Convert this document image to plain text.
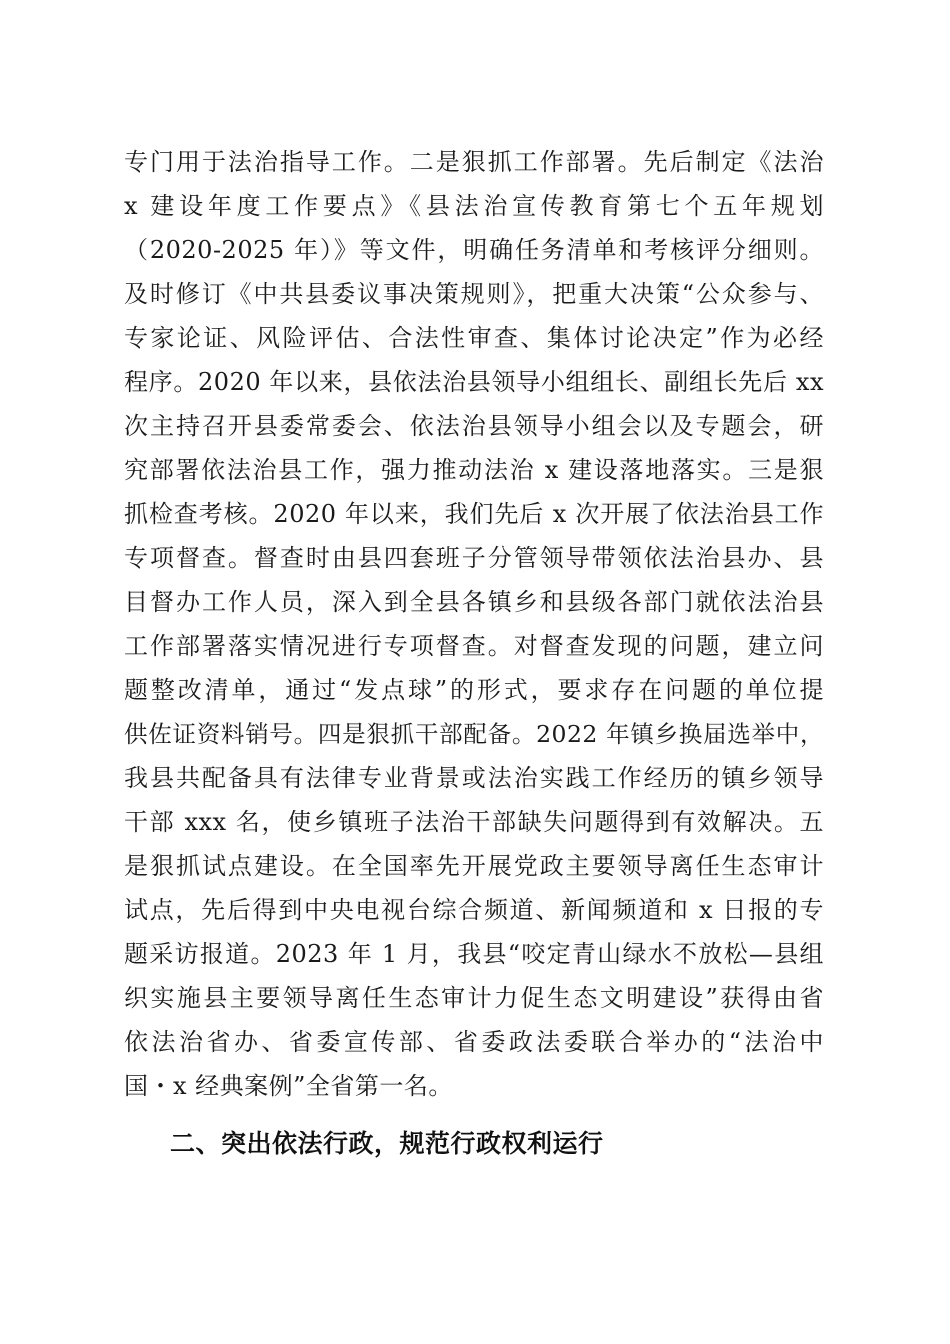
专门用于法治指导工作。二是狠抓工作部署。先后制定《法治
x 建设年度工作要点》《县法治宣传教育第七个五年规划
（2020-2025 年）》等文件，明确任务清单和考核评分细则。
及时修订《中共县委议事决策规则》，把重大决策“公众参与、
专家论证、风险评估、合法性审查、集体讨论决定”作为必经
程序。2020 年以来，县依法治县领导小组组长、副组长先后 xx
次主持召开县委常委会、依法治县领导小组会以及专题会，研
究部署依法治县工作，强力推动法治 x 建设落地落实。三是狠
抓检查考核。2020 年以来，我们先后 x 次开展了依法治县工作
专项督查。督查时由县四套班子分管领导带领依法治县办、县
目督办工作人员，深入到全县各镇乡和县级各部门就依法治县
工作部署落实情况进行专项督查。对督查发现的问题，建立问
题整改清单，通过“发点球”的形式，要求存在问题的单位提
供佐证资料销号。四是狠抓干部配备。2022 年镇乡换届选举中，
我县共配备具有法律专业背景或法治实践工作经历的镇乡领导
干部 xxx 名，使乡镇班子法治干部缺失问题得到有效解决。五
是狠抓试点建设。在全国率先开展党政主要领导离任生态审计
试点，先后得到中央电视台综合频道、新闻频道和 x 日报的专
题采访报道。2023 年 1 月，我县“咬定青山绿水不放松—县组
织实施县主要领导离任生态审计力促生态文明建设”获得由省
依法治省办、省委宣传部、省委政法委联合举办的“法治中
国・x 经典案例”全省第一名。
二、突出依法行政，规范行政权利运行
